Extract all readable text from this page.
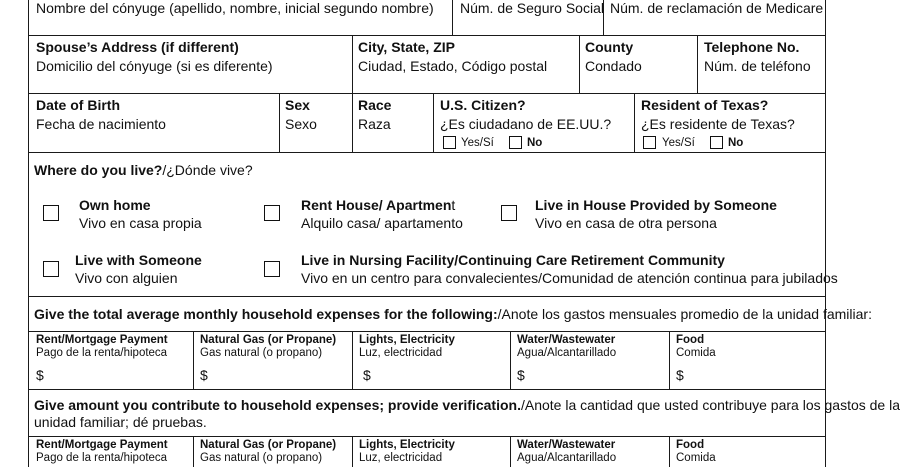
Nombre del cónyuge (apellido, nombre, inicial segundo nombre) Núm. de Seguro Social Núm. de reclamación de Medicare
Spouse’s Address (if different)
Domicilio del cónyuge (si es diferente)
City, State, ZIP
Ciudad, Estado, Código postal
County
Condado
Telephone No.
Núm. de teléfono
Date of Birth
Fecha de nacimiento
Sex
Sexo
Race
Raza
U.S. Citizen?
¿Es ciudadano de EE.UU.?
Yes/Sí	No
Resident of Texas?
¿Es residente de Texas?
Yes/Sí	No
Where do you live?/¿Dónde vive?
Own home
Vivo en casa propia
Rent House/ Apartment
Alquilo casa/ apartamento
Live in House Provided by Someone
Vivo en casa de otra persona
Live with Someone
Vivo con alguien
Live in Nursing Facility/Continuing Care Retirement Community
Vivo en un centro para convalecientes/Comunidad de atención continua para jubilados
Give the total average monthly household expenses for the following:/Anote los gastos mensuales promedio de la unidad familiar:
Rent/Mortgage Payment
Pago de la renta/hipoteca
$
Natural Gas (or Propane)
Gas natural (o propano)
$
Lights, Electricity
Luz, electricidad
$
Water/Wastewater
Agua/Alcantarillado
$
Food
Comida
$
Give amount you contribute to household expenses; provide verification./Anote la cantidad que usted contribuye para los gastos de la
unidad familiar; dé pruebas.
Rent/Mortgage Payment
Pago de la renta/hipoteca
Natural Gas (or Propane)
Gas natural (o propano)
Lights, Electricity
Luz, electricidad
Water/Wastewater
Agua/Alcantarillado
Food
Comida
